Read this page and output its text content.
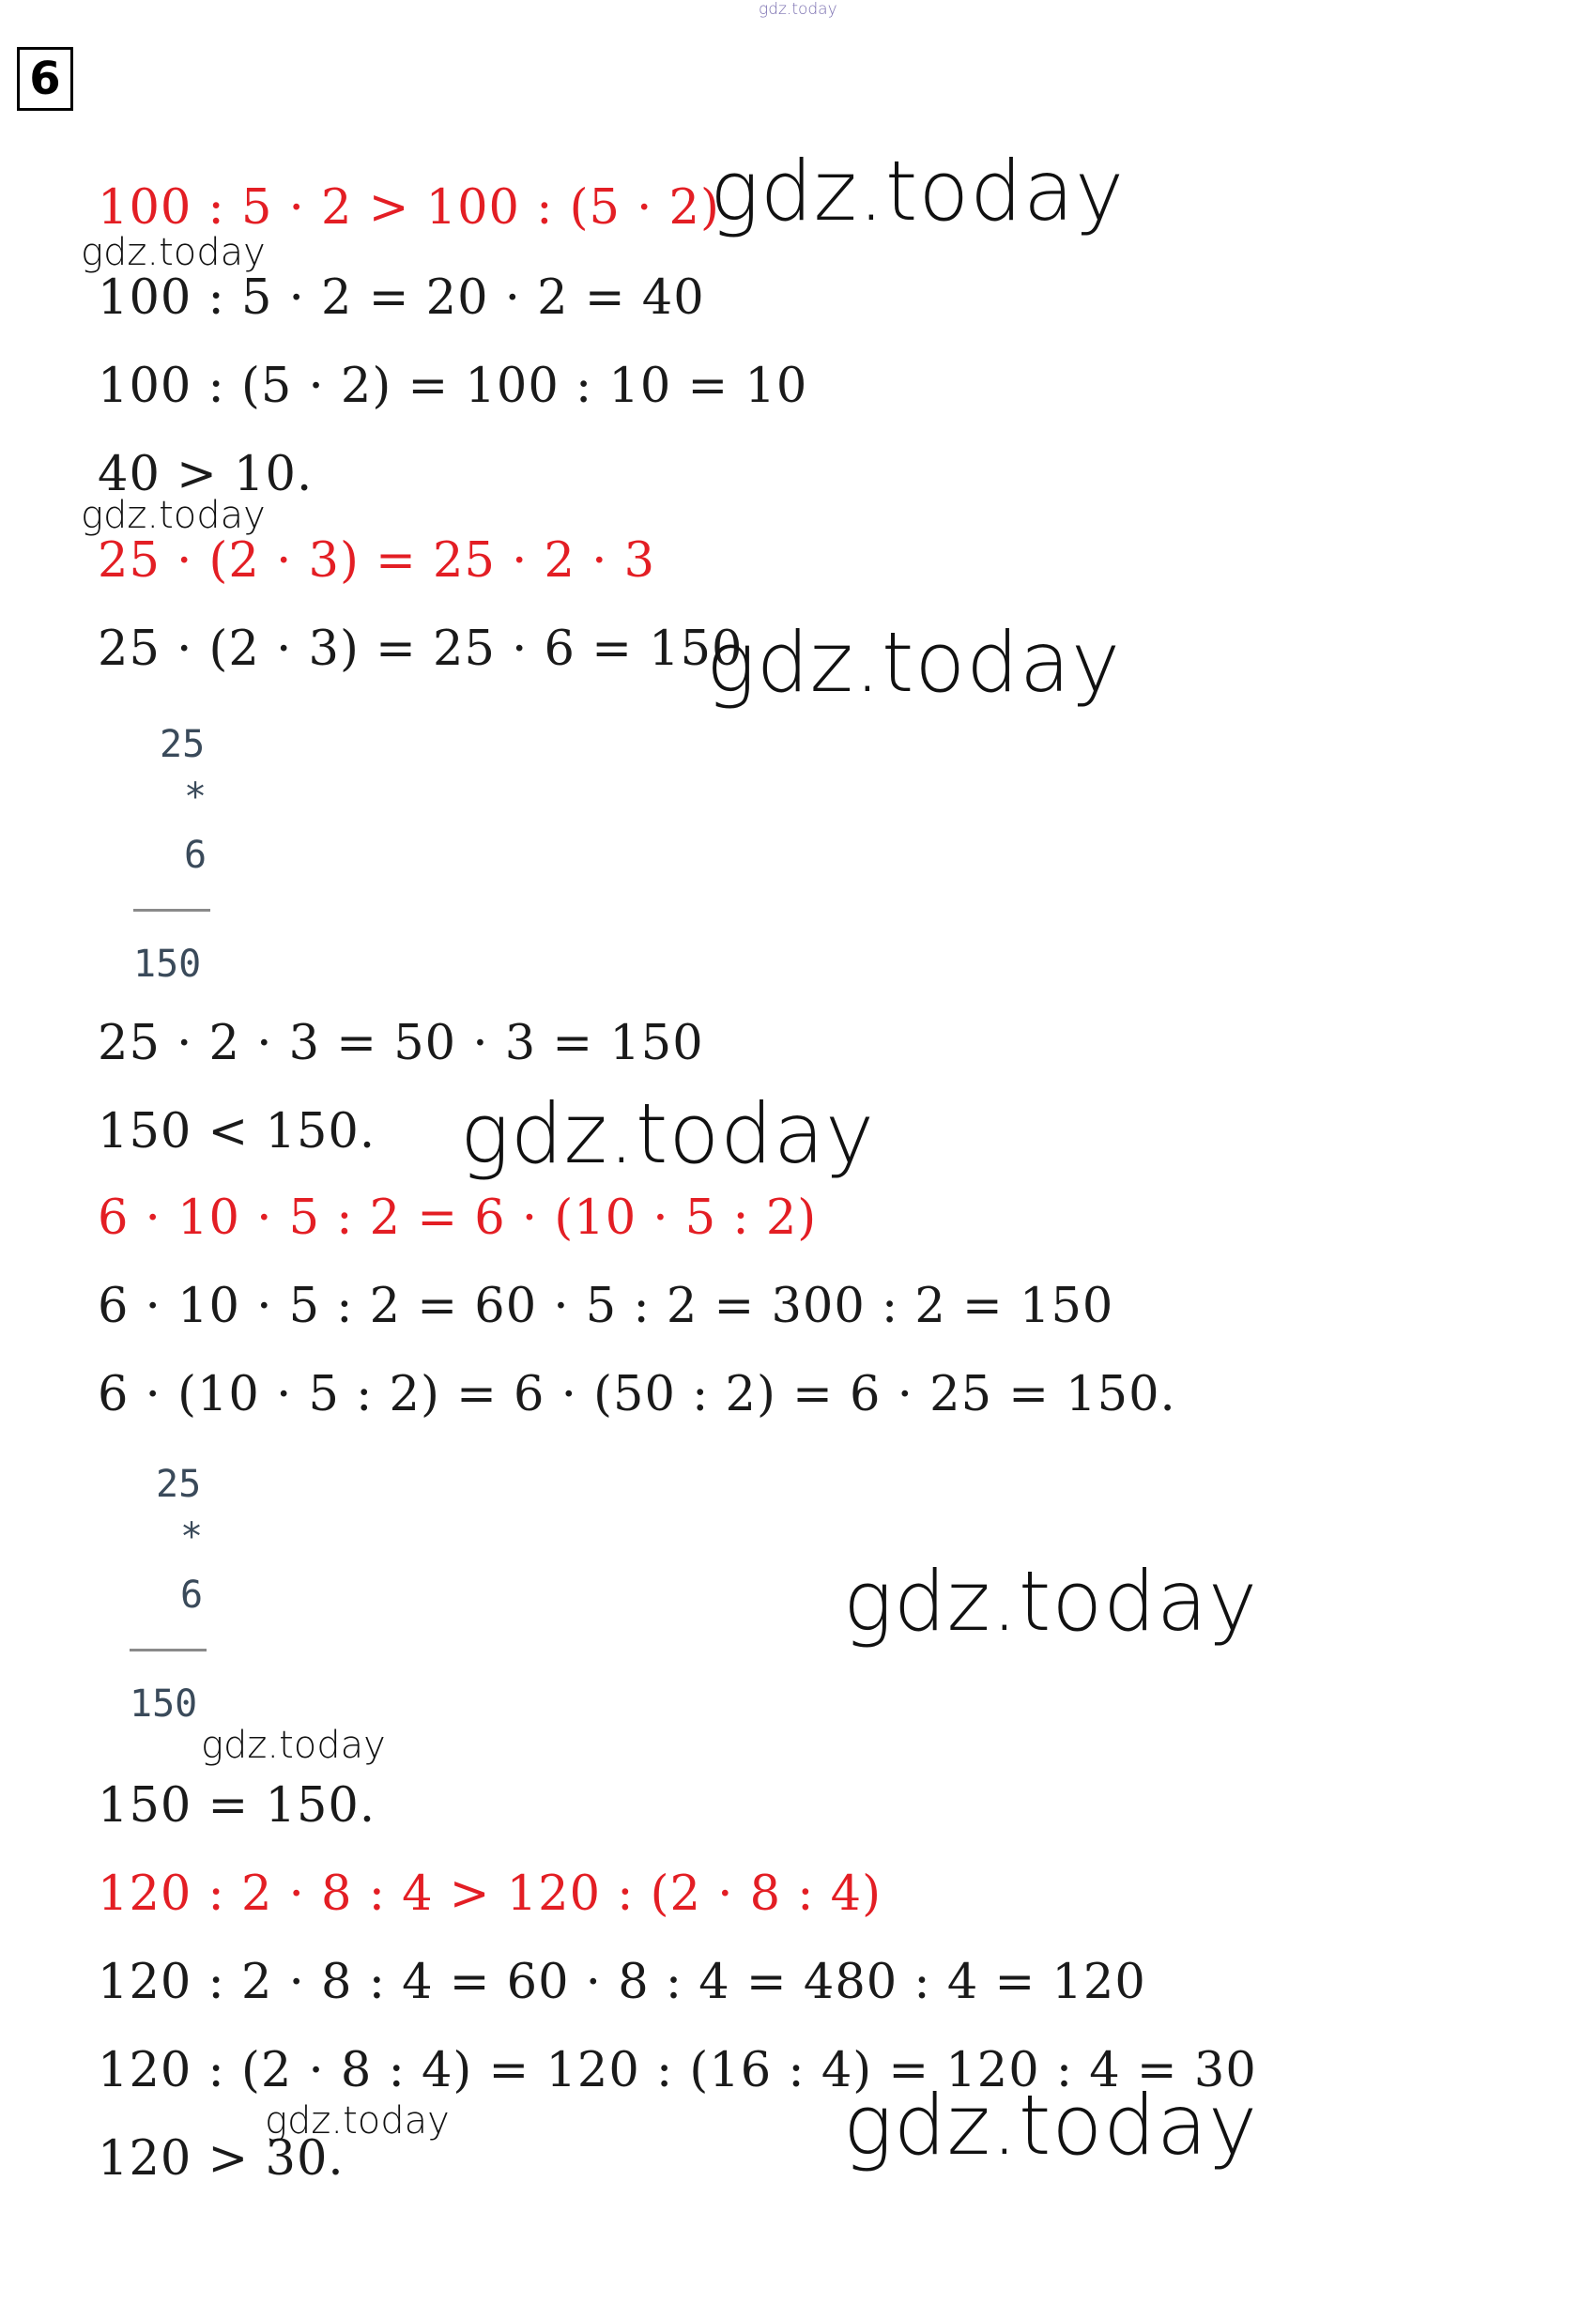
gdz.today
6
100 : 5 · 2 > 100 : (5 · 2)
100 : 5 · 2 = 20 · 2 = 40
100 : (5 · 2) = 100 : 10 = 10
40 > 10.
25 · (2 · 3) = 25 · 2 · 3
25 · (2 · 3) = 25 · 6 = 150
25
*
6
150
25 · 2 · 3 = 50 · 3 = 150
150 < 150.
6 · 10 · 5 : 2 = 6 · (10 · 5 : 2)
6 · 10 · 5 : 2 = 60 · 5 : 2 = 300 : 2 = 150
6 · (10 · 5 : 2) = 6 · (50 : 2) = 6 · 25 = 150.
25
*
6
150
150 = 150.
120 : 2 · 8 : 4 > 120 : (2 · 8 : 4)
120 : 2 · 8 : 4 = 60 · 8 : 4 = 480 : 4 = 120
120 : (2 · 8 : 4) = 120 : (16 : 4) = 120 : 4 = 30
120 > 30.
gdz.today
gdz.today
gdz.today
gdz.today
gdz.today
gdz.today
gdz.today
gdz.today	gdz.today
